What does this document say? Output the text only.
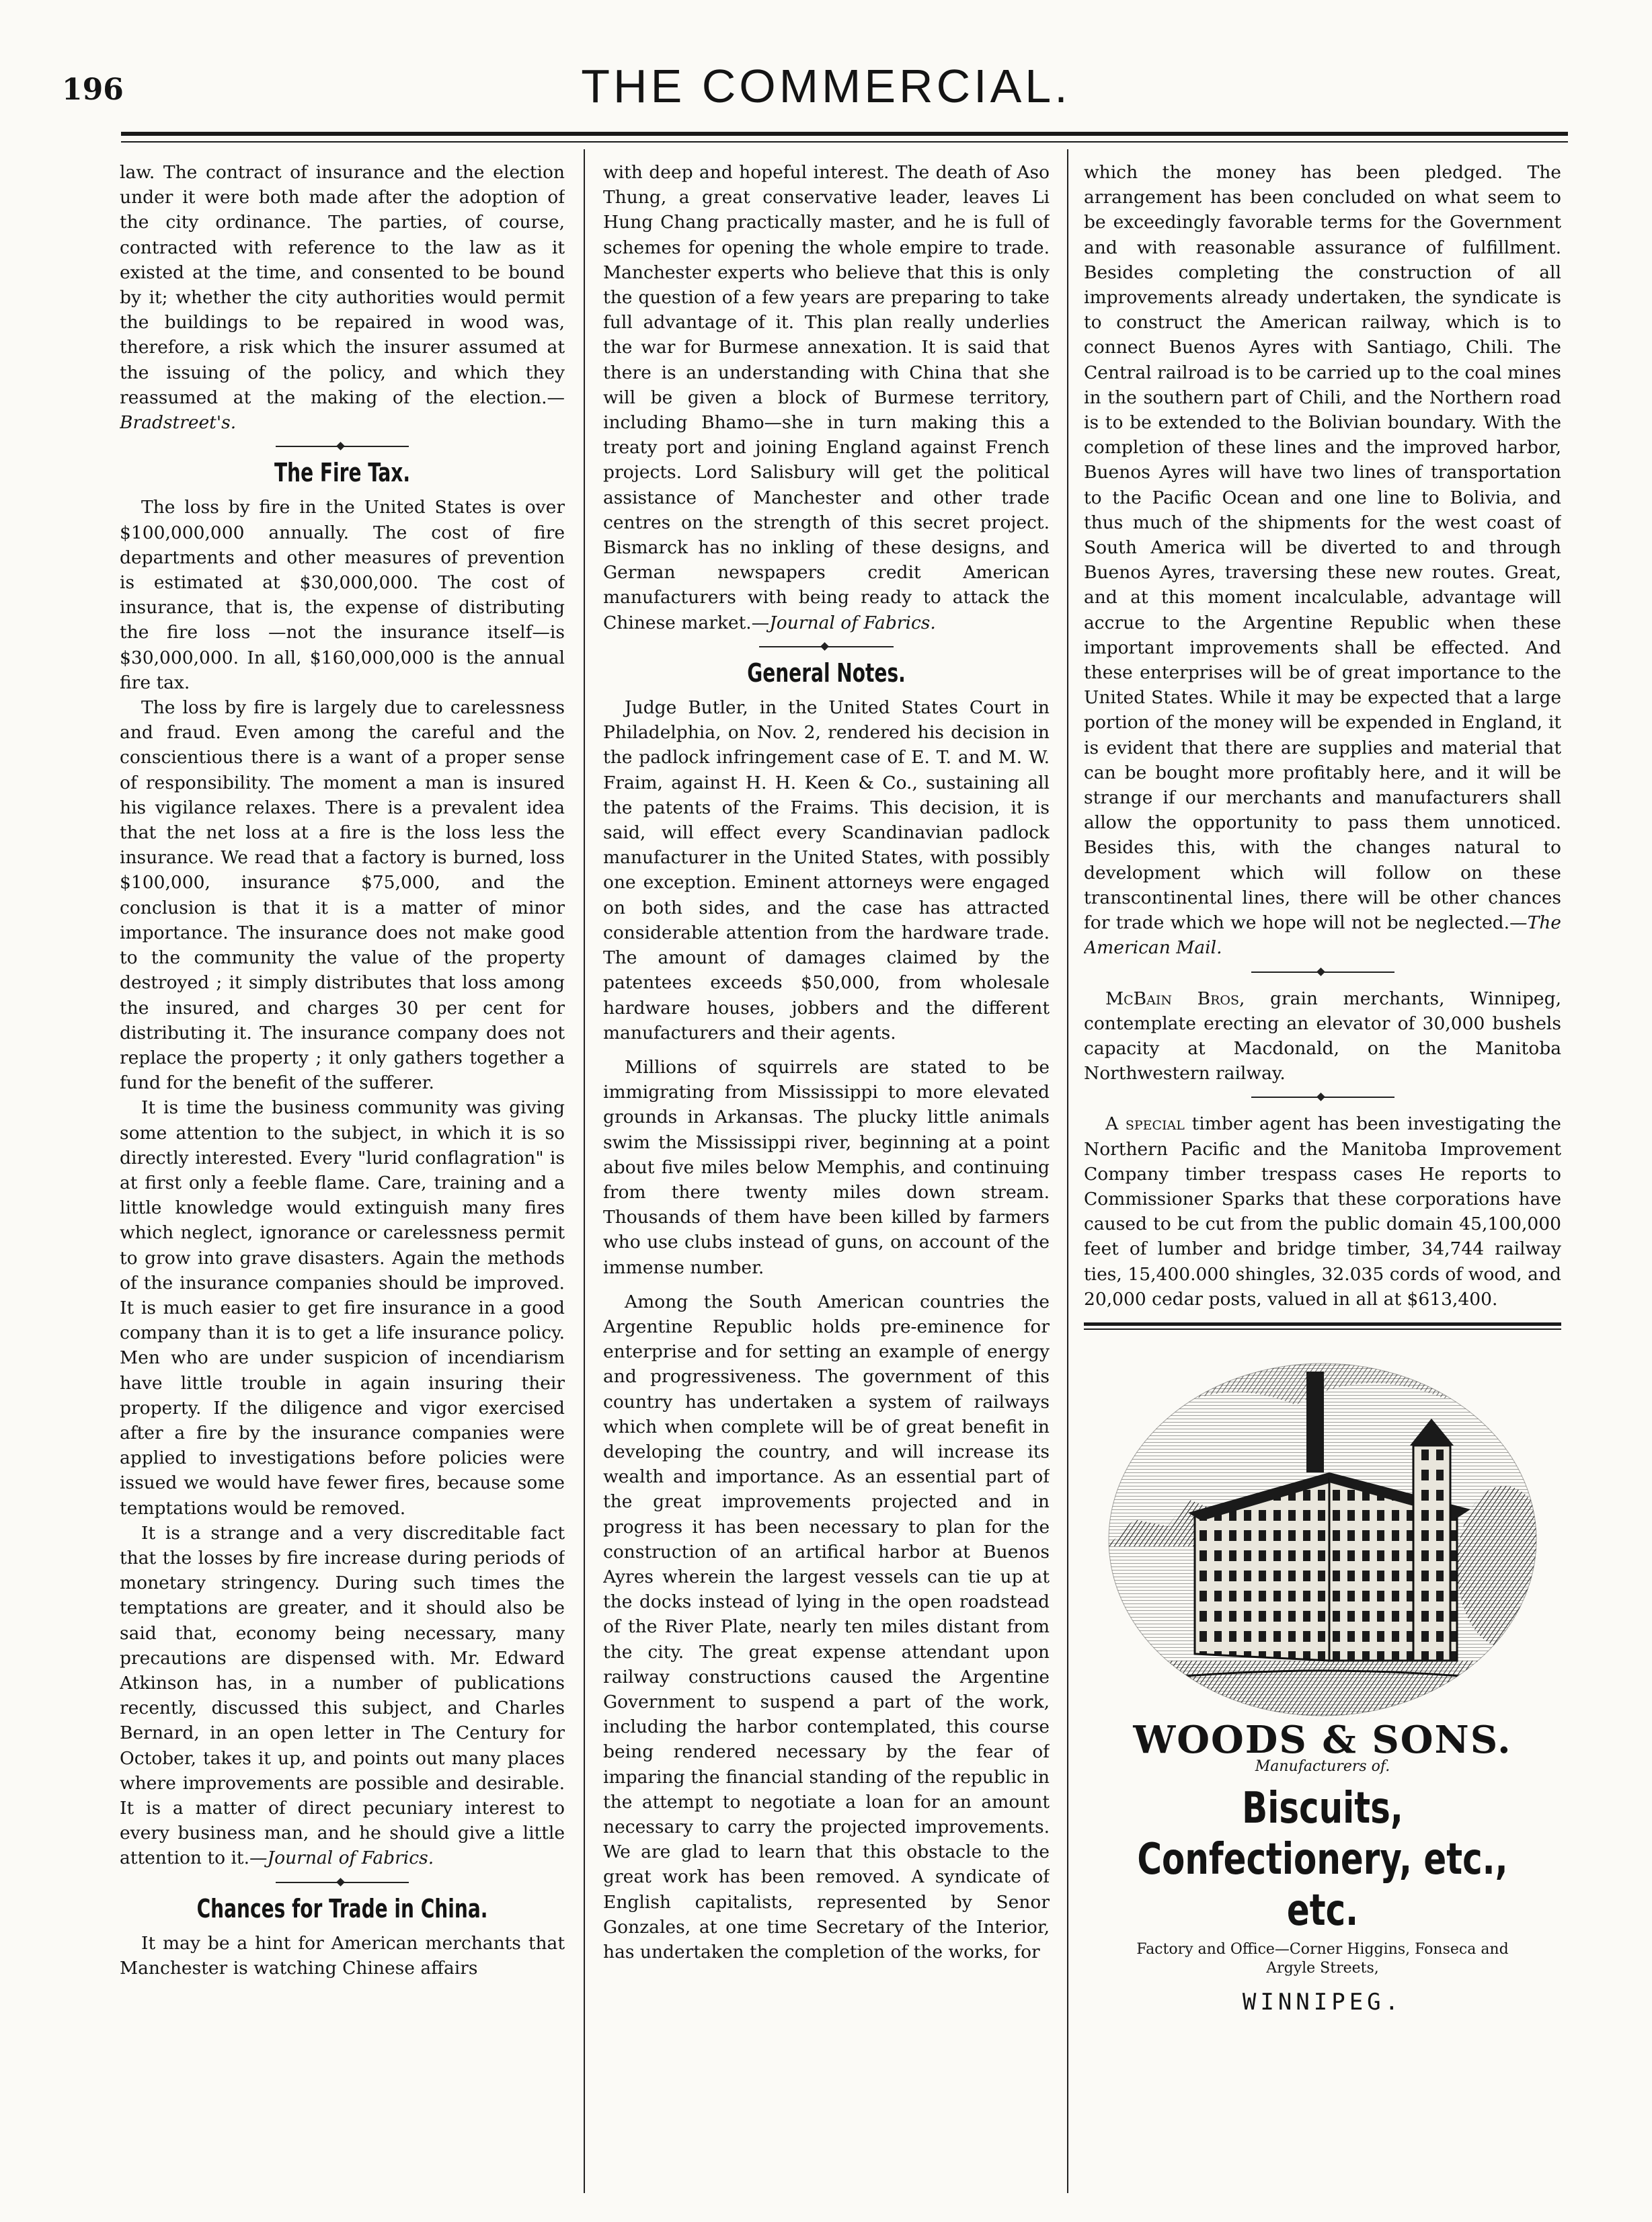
196	THE COMMERCIAL.

law. The contract of insurance and the election under it were both made after the adoption of the city ordinance. The parties, of course, contracted with reference to the law as it existed at the time, and consented to be bound by it; whether the city authorities would permit the buildings to be repaired in wood was, therefore, a risk which the insurer assumed at the issuing of the policy, and which they reassumed at the making of the election.—Bradstreet's.

The Fire Tax.

The loss by fire in the United States is over $100,000,000 annually. The cost of fire departments and other measures of prevention is estimated at $30,000,000. The cost of insurance, that is, the expense of distributing the fire loss —not the insurance itself—is $30,000,000. In all, $160,000,000 is the annual fire tax.

The loss by fire is largely due to carelessness and fraud. Even among the careful and the conscientious there is a want of a proper sense of responsibility. The moment a man is insured his vigilance relaxes. There is a prevalent idea that the net loss at a fire is the loss less the insurance. We read that a factory is burned, loss $100,000, insurance $75,000, and the conclusion is that it is a matter of minor importance. The insurance does not make good to the community the value of the property destroyed ; it simply distributes that loss among the insured, and charges 30 per cent for distributing it. The insurance company does not replace the property ; it only gathers together a fund for the benefit of the sufferer.

It is time the business community was giving some attention to the subject, in which it is so directly interested. Every "lurid conflagration" is at first only a feeble flame. Care, training and a little knowledge would extinguish many fires which neglect, ignorance or carelessness permit to grow into grave disasters. Again the methods of the insurance companies should be improved. It is much easier to get fire insurance in a good company than it is to get a life insurance policy. Men who are under suspicion of incendiarism have little trouble in again insuring their property. If the diligence and vigor exercised after a fire by the insurance companies were applied to investigations before policies were issued we would have fewer fires, because some temptations would be removed.

It is a strange and a very discreditable fact that the losses by fire increase during periods of monetary stringency. During such times the temptations are greater, and it should also be said that, economy being necessary, many precautions are dispensed with. Mr. Edward Atkinson has, in a number of publications recently, discussed this subject, and Charles Bernard, in an open letter in The Century for October, takes it up, and points out many places where improvements are possible and desirable. It is a matter of direct pecuniary interest to every business man, and he should give a little attention to it.—Journal of Fabrics.

Chances for Trade in China.

It may be a hint for American merchants that Manchester is watching Chinese affairs

with deep and hopeful interest. The death of Aso Thung, a great conservative leader, leaves Li Hung Chang practically master, and he is full of schemes for opening the whole empire to trade. Manchester experts who believe that this is only the question of a few years are preparing to take full advantage of it. This plan really underlies the war for Burmese annexation. It is said that there is an understanding with China that she will be given a block of Burmese territory, including Bhamo—she in turn making this a treaty port and joining England against French projects. Lord Salisbury will get the political assistance of Manchester and other trade centres on the strength of this secret project. Bismarck has no inkling of these designs, and German newspapers credit American manufacturers with being ready to attack the Chinese market.—Journal of Fabrics.

General Notes.

Judge Butler, in the United States Court in Philadelphia, on Nov. 2, rendered his decision in the padlock infringement case of E. T. and M. W. Fraim, against H. H. Keen & Co., sustaining all the patents of the Fraims. This decision, it is said, will effect every Scandinavian padlock manufacturer in the United States, with possibly one exception. Eminent attorneys were engaged on both sides, and the case has attracted considerable attention from the hardware trade. The amount of damages claimed by the patentees exceeds $50,000, from wholesale hardware houses, jobbers and the different manufacturers and their agents.

Millions of squirrels are stated to be immigrating from Mississippi to more elevated grounds in Arkansas. The plucky little animals swim the Mississippi river, beginning at a point about five miles below Memphis, and continuing from there twenty miles down stream. Thousands of them have been killed by farmers who use clubs instead of guns, on account of the immense number.

Among the South American countries the Argentine Republic holds pre-eminence for enterprise and for setting an example of energy and progressiveness. The government of this country has undertaken a system of railways which when complete will be of great benefit in developing the country, and will increase its wealth and importance. As an essential part of the great improvements projected and in progress it has been necessary to plan for the construction of an artifical harbor at Buenos Ayres wherein the largest vessels can tie up at the docks instead of lying in the open roadstead of the River Plate, nearly ten miles distant from the city. The great expense attendant upon railway constructions caused the Argentine Government to suspend a part of the work, including the harbor contemplated, this course being rendered necessary by the fear of imparing the financial standing of the republic in the attempt to negotiate a loan for an amount necessary to carry the projected improvements. We are glad to learn that this obstacle to the great work has been removed. A syndicate of English capitalists, represented by Senor Gonzales, at one time Secretary of the Interior, has undertaken the completion of the works, for

which the money has been pledged. The arrangement has been concluded on what seem to be exceedingly favorable terms for the Government and with reasonable assurance of fulfillment. Besides completing the construction of all improvements already undertaken, the syndicate is to construct the American railway, which is to connect Buenos Ayres with Santiago, Chili. The Central railroad is to be carried up to the coal mines in the southern part of Chili, and the Northern road is to be extended to the Bolivian boundary. With the completion of these lines and the improved harbor, Buenos Ayres will have two lines of transportation to the Pacific Ocean and one line to Bolivia, and thus much of the shipments for the west coast of South America will be diverted to and through Buenos Ayres, traversing these new routes. Great, and at this moment incalculable, advantage will accrue to the Argentine Republic when these important improvements shall be effected. And these enterprises will be of great importance to the United States. While it may be expected that a large portion of the money will be expended in England, it is evident that there are supplies and material that can be bought more profitably here, and it will be strange if our merchants and manufacturers shall allow the opportunity to pass them unnoticed. Besides this, with the changes natural to development which will follow on these transcontinental lines, there will be other chances for trade which we hope will not be neglected.—The American Mail.

McBain Bros, grain merchants, Winnipeg, contemplate erecting an elevator of 30,000 bushels capacity at Macdonald, on the Manitoba Northwestern railway.

A special timber agent has been investigating the Northern Pacific and the Manitoba Improvement Company timber trespass cases He reports to Commissioner Sparks that these corporations have caused to be cut from the public domain 45,100,000 feet of lumber and bridge timber, 34,744 railway ties, 15,400.000 shingles, 32.035 cords of wood, and 20,000 cedar posts, valued in all at $613,400.

WOODS & SONS.
Manufacturers of.
Biscuits, Confectionery, etc., etc.
Factory and Office—Corner Higgins, Fonseca and Argyle Streets,
WINNIPEG.
